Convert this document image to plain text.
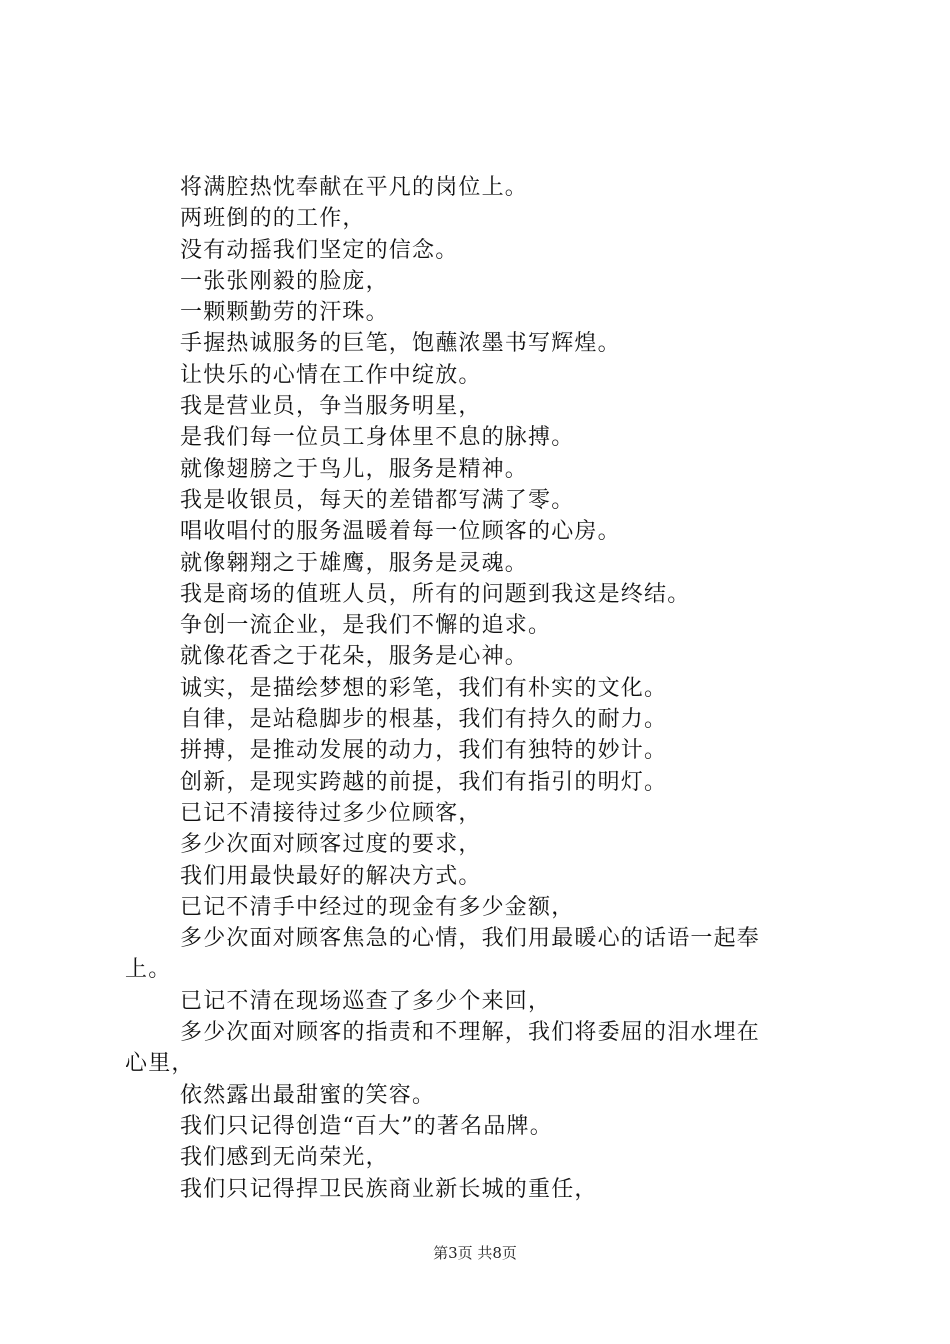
将满腔热忱奉献在平凡的岗位上。
两班倒的的工作，
没有动摇我们坚定的信念。
一张张刚毅的脸庞，
一颗颗勤劳的汗珠。
手握热诚服务的巨笔，饱蘸浓墨书写辉煌。
让快乐的心情在工作中绽放。
我是营业员，争当服务明星，
是我们每一位员工身体里不息的脉搏。
就像翅膀之于鸟儿，服务是精神。
我是收银员，每天的差错都写满了零。
唱收唱付的服务温暖着每一位顾客的心房。
就像翱翔之于雄鹰，服务是灵魂。
我是商场的值班人员，所有的问题到我这是终结。
争创一流企业，是我们不懈的追求。
就像花香之于花朵，服务是心神。
诚实，是描绘梦想的彩笔，我们有朴实的文化。
自律，是站稳脚步的根基，我们有持久的耐力。
拼搏，是推动发展的动力，我们有独特的妙计。
创新，是现实跨越的前提，我们有指引的明灯。
已记不清接待过多少位顾客，
多少次面对顾客过度的要求，
我们用最快最好的解决方式。
已记不清手中经过的现金有多少金额，
多少次面对顾客焦急的心情，我们用最暖心的话语一起奉
上。
已记不清在现场巡查了多少个来回，
多少次面对顾客的指责和不理解，我们将委屈的泪水埋在
心里，
依然露出最甜蜜的笑容。
我们只记得创造“百大”的著名品牌。
我们感到无尚荣光，
我们只记得捍卫民族商业新长城的重任，
第3页 共8页
